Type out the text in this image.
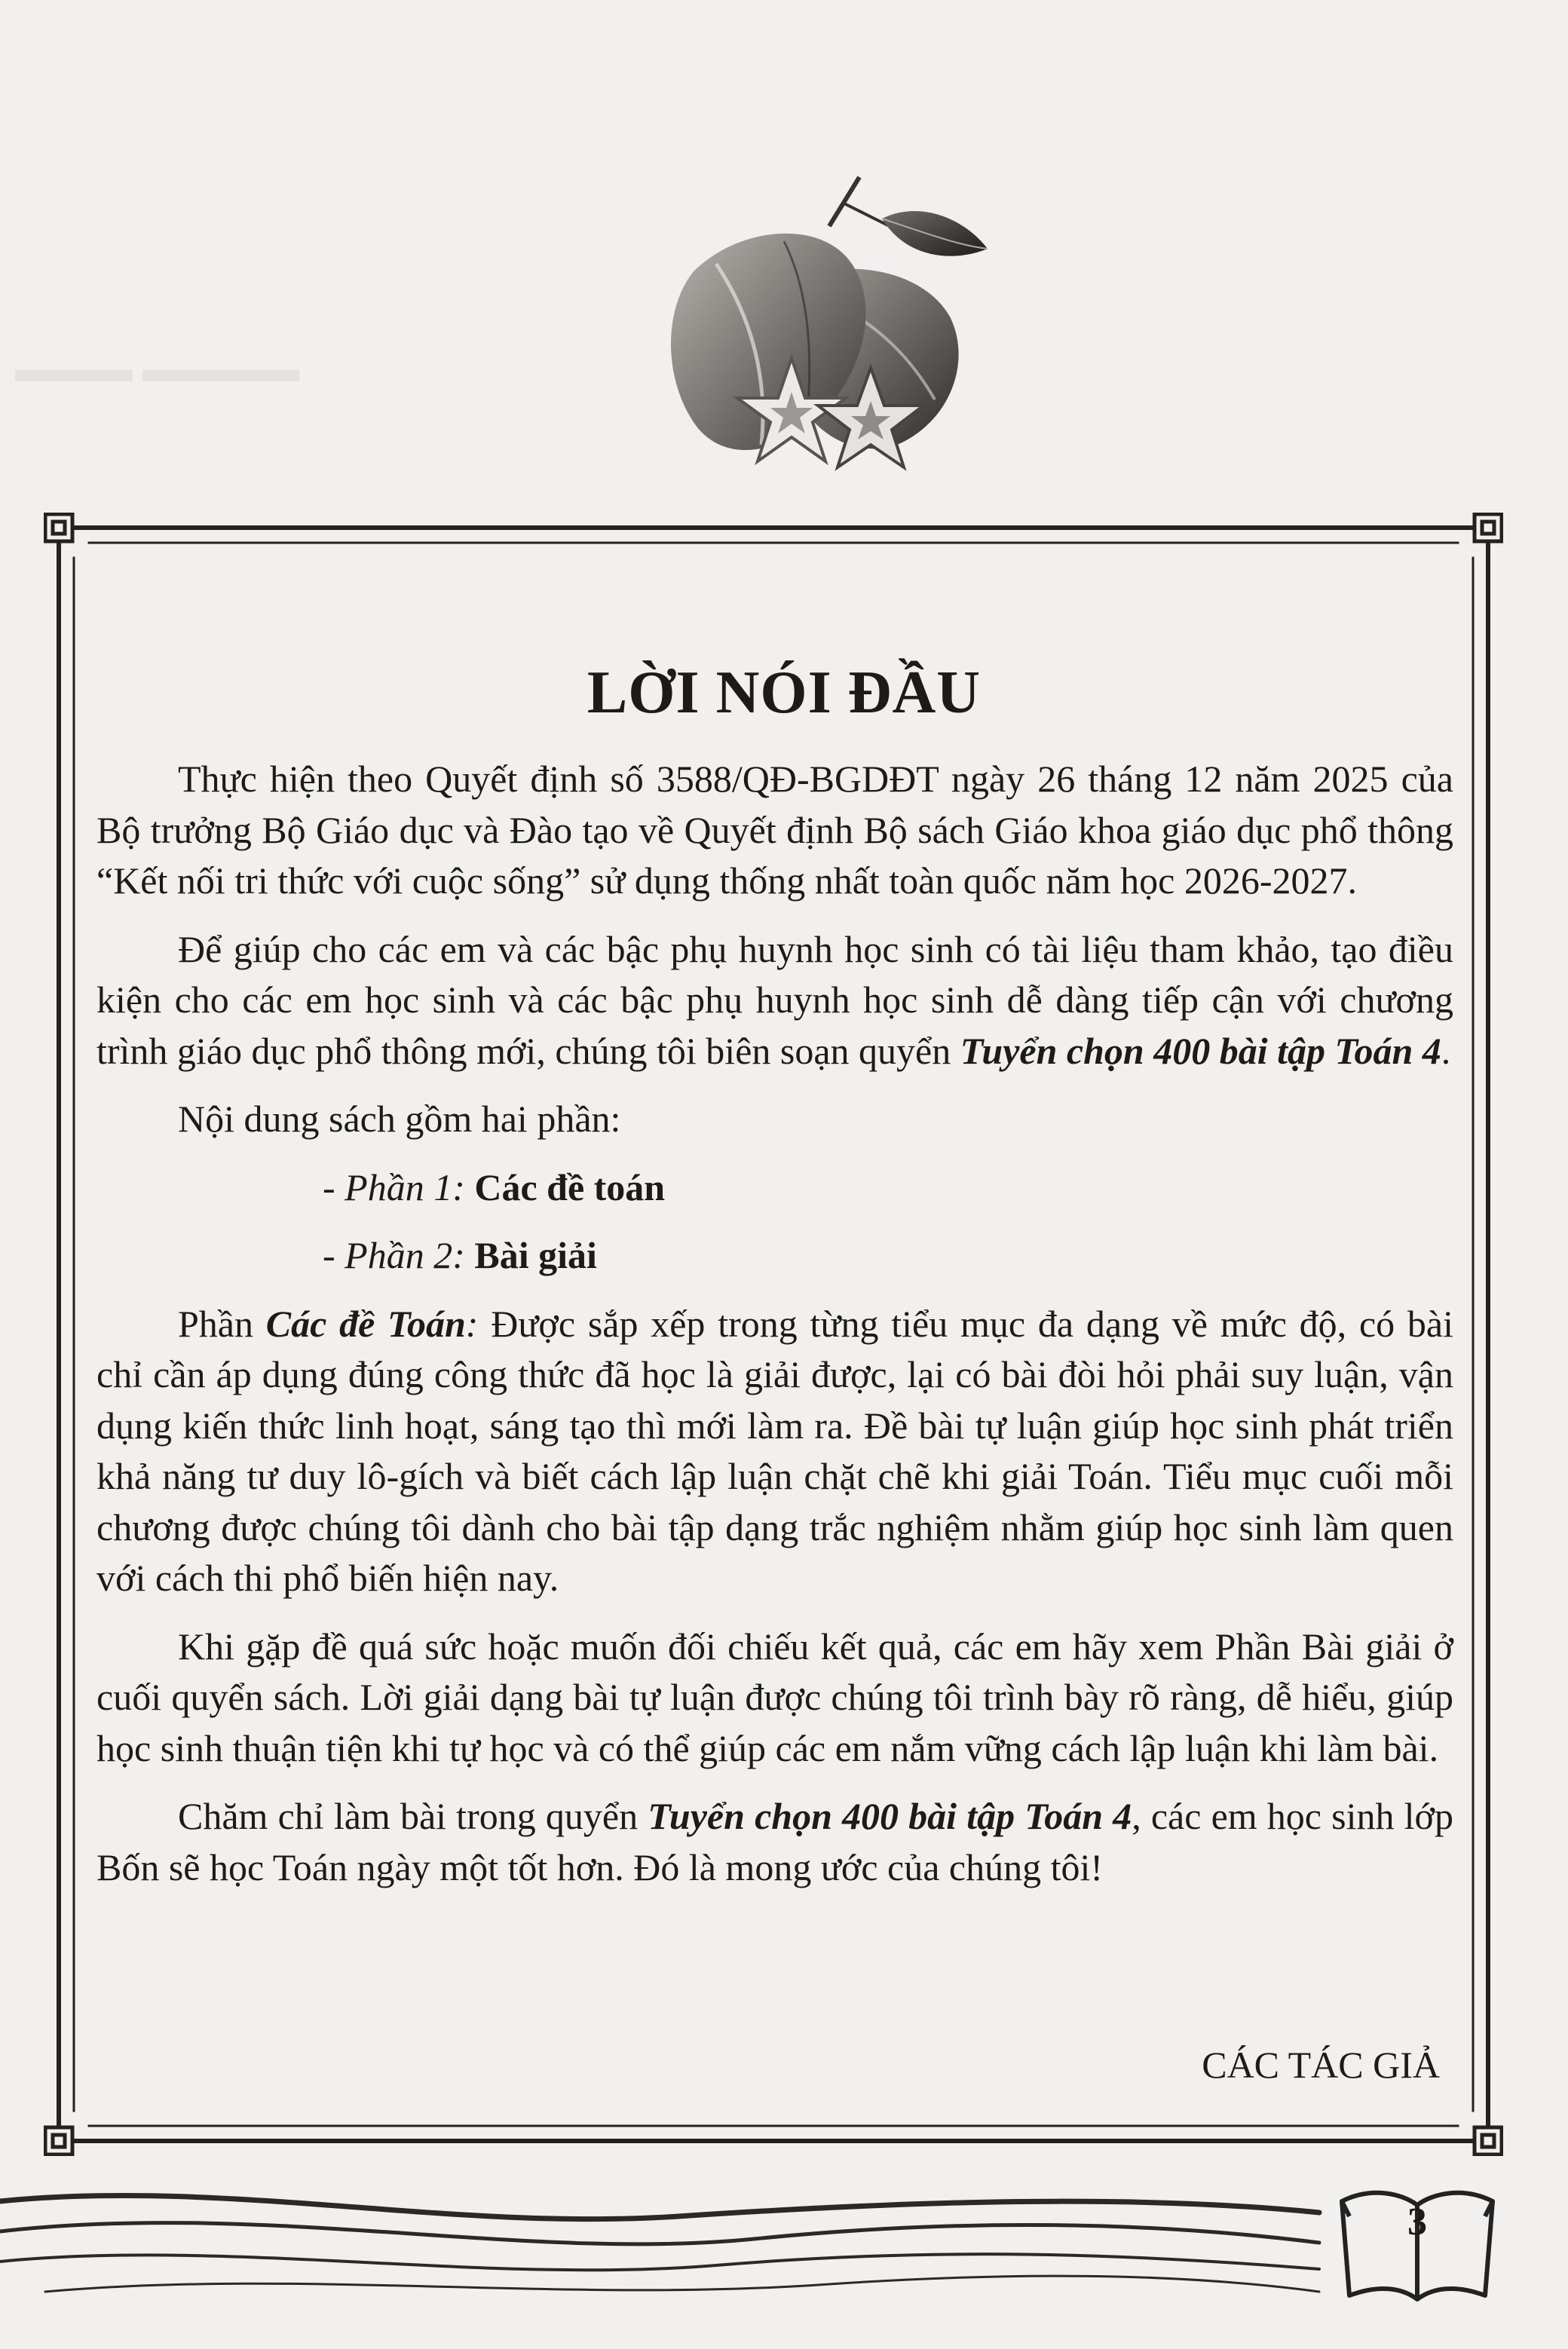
▬▬▬ ▬▬▬▬
LỜI NÓI ĐẦU

Thực hiện theo Quyết định số 3588/QĐ-BGDĐT ngày 26 tháng 12 năm 2025 của Bộ trưởng Bộ Giáo dục và Đào tạo về Quyết định Bộ sách Giáo khoa giáo dục phổ thông “Kết nối tri thức với cuộc sống” sử dụng thống nhất toàn quốc năm học 2026-2027.

Để giúp cho các em và các bậc phụ huynh học sinh có tài liệu tham khảo, tạo điều kiện cho các em học sinh và các bậc phụ huynh học sinh dễ dàng tiếp cận với chương trình giáo dục phổ thông mới, chúng tôi biên soạn quyển Tuyển chọn 400 bài tập Toán 4.

Nội dung sách gồm hai phần:

- Phần 1: Các đề toán

- Phần 2: Bài giải

Phần Các đề Toán: Được sắp xếp trong từng tiểu mục đa dạng về mức độ, có bài chỉ cần áp dụng đúng công thức đã học là giải được, lại có bài đòi hỏi phải suy luận, vận dụng kiến thức linh hoạt, sáng tạo thì mới làm ra. Đề bài tự luận giúp học sinh phát triển khả năng tư duy lô-gích và biết cách lập luận chặt chẽ khi giải Toán. Tiểu mục cuối mỗi chương được chúng tôi dành cho bài tập dạng trắc nghiệm nhằm giúp học sinh làm quen với cách thi phổ biến hiện nay.

Khi gặp đề quá sức hoặc muốn đối chiếu kết quả, các em hãy xem Phần Bài giải ở cuối quyển sách. Lời giải dạng bài tự luận được chúng tôi trình bày rõ ràng, dễ hiểu, giúp học sinh thuận tiện khi tự học và có thể giúp các em nắm vững cách lập luận khi làm bài.

Chăm chỉ làm bài trong quyển Tuyển chọn 400 bài tập Toán 4, các em học sinh lớp Bốn sẽ học Toán ngày một tốt hơn. Đó là mong ước của chúng tôi!

CÁC TÁC GIẢ
3
